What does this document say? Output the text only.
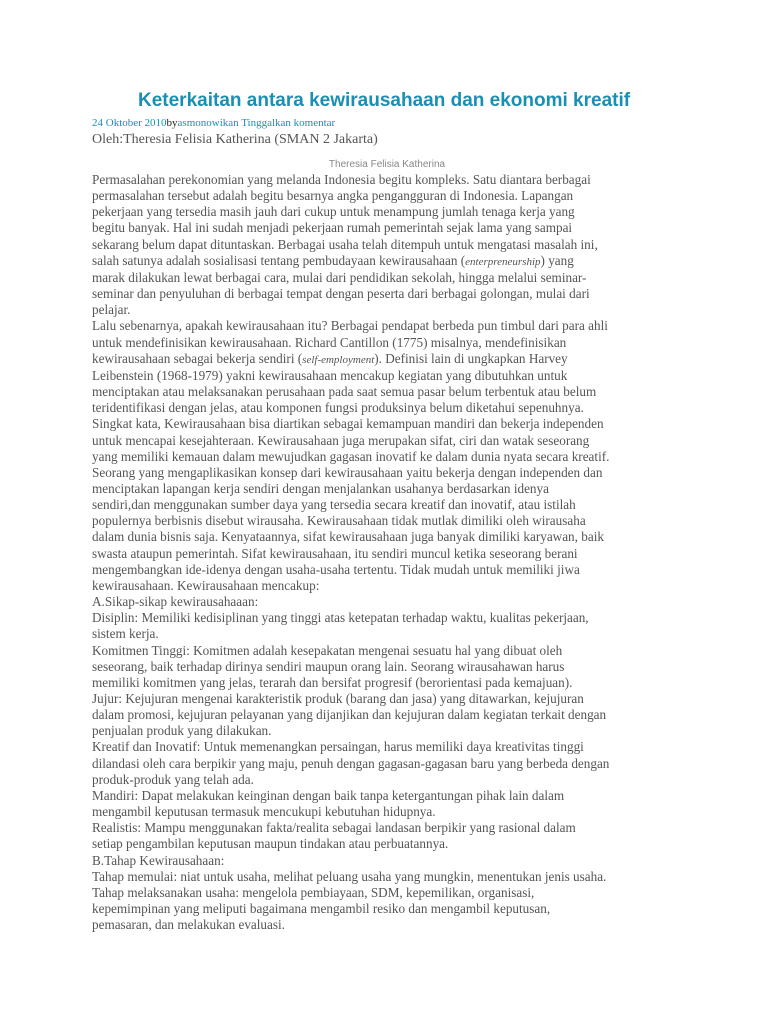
Keterkaitan antara kewirausahaan dan ekonomi kreatif
24 Oktober 2010byasmonowikan Tinggalkan komentar
Oleh:Theresia Felisia Katherina (SMAN 2 Jakarta)
Theresia Felisia Katherina

Permasalahan perekonomian yang melanda Indonesia begitu kompleks. Satu diantara berbagai

permasalahan tersebut adalah begitu besarnya angka pengangguran di Indonesia. Lapangan

pekerjaan yang tersedia masih jauh dari cukup untuk menampung jumlah tenaga kerja yang

begitu banyak. Hal ini sudah menjadi pekerjaan rumah pemerintah sejak lama yang sampai

sekarang belum dapat dituntaskan. Berbagai usaha telah ditempuh untuk mengatasi masalah ini,

salah satunya adalah sosialisasi tentang pembudayaan kewirausahaan (enterpreneurship) yang

marak dilakukan lewat berbagai cara, mulai dari pendidikan sekolah, hingga melalui seminar-

seminar dan penyuluhan di berbagai tempat dengan peserta dari berbagai golongan, mulai dari

pelajar.

Lalu sebenarnya, apakah kewirausahaan itu? Berbagai pendapat berbeda pun timbul dari para ahli

untuk mendefinisikan kewirausahaan. Richard Cantillon (1775) misalnya, mendefinisikan

kewirausahaan sebagai bekerja sendiri (self-employment). Definisi lain di ungkapkan Harvey

Leibenstein (1968-1979) yakni kewirausahaan mencakup kegiatan yang dibutuhkan untuk

menciptakan atau melaksanakan perusahaan pada saat semua pasar belum terbentuk atau belum

teridentifikasi dengan jelas, atau komponen fungsi produksinya belum diketahui sepenuhnya.

Singkat kata, Kewirausahaan bisa diartikan sebagai kemampuan mandiri dan bekerja independen

untuk mencapai kesejahteraan. Kewirausahaan juga merupakan sifat, ciri dan watak seseorang

yang memiliki kemauan dalam mewujudkan gagasan inovatif ke dalam dunia nyata secara kreatif.

Seorang yang mengaplikasikan konsep dari kewirausahaan yaitu bekerja dengan independen dan

menciptakan lapangan kerja sendiri dengan menjalankan usahanya berdasarkan idenya

sendiri,dan menggunakan sumber daya yang tersedia secara kreatif dan inovatif, atau istilah

populernya berbisnis disebut wirausaha. Kewirausahaan tidak mutlak dimiliki oleh wirausaha

dalam dunia bisnis saja. Kenyataannya, sifat kewirausahaan juga banyak dimiliki karyawan, baik

swasta ataupun pemerintah. Sifat kewirausahaan, itu sendiri muncul ketika seseorang berani

mengembangkan ide-idenya dengan usaha-usaha tertentu. Tidak mudah untuk memiliki jiwa

kewirausahaan. Kewirausahaan mencakup:

A.Sikap-sikap kewirausahaaan:

Disiplin: Memiliki kedisiplinan yang tinggi atas ketepatan terhadap waktu, kualitas pekerjaan,

sistem kerja.

Komitmen Tinggi: Komitmen adalah kesepakatan mengenai sesuatu hal yang dibuat oleh

seseorang, baik terhadap dirinya sendiri maupun orang lain. Seorang wirausahawan harus

memiliki komitmen yang jelas, terarah dan bersifat progresif (berorientasi pada kemajuan).

Jujur: Kejujuran mengenai karakteristik produk (barang dan jasa) yang ditawarkan, kejujuran

dalam promosi, kejujuran pelayanan yang dijanjikan dan kejujuran dalam kegiatan terkait dengan

penjualan produk yang dilakukan.

Kreatif dan Inovatif: Untuk memenangkan persaingan, harus memiliki daya kreativitas tinggi

dilandasi oleh cara berpikir yang maju, penuh dengan gagasan-gagasan baru yang berbeda dengan

produk-produk yang telah ada.

Mandiri: Dapat melakukan keinginan dengan baik tanpa ketergantungan pihak lain dalam

mengambil keputusan termasuk mencukupi kebutuhan hidupnya.

Realistis: Mampu menggunakan fakta/realita sebagai landasan berpikir yang rasional dalam

setiap pengambilan keputusan maupun tindakan atau perbuatannya.

B.Tahap Kewirausahaan:

Tahap memulai: niat untuk usaha, melihat peluang usaha yang mungkin, menentukan jenis usaha.

Tahap melaksanakan usaha: mengelola pembiayaan, SDM, kepemilikan, organisasi,

kepemimpinan yang meliputi bagaimana mengambil resiko dan mengambil keputusan,

pemasaran, dan melakukan evaluasi.
